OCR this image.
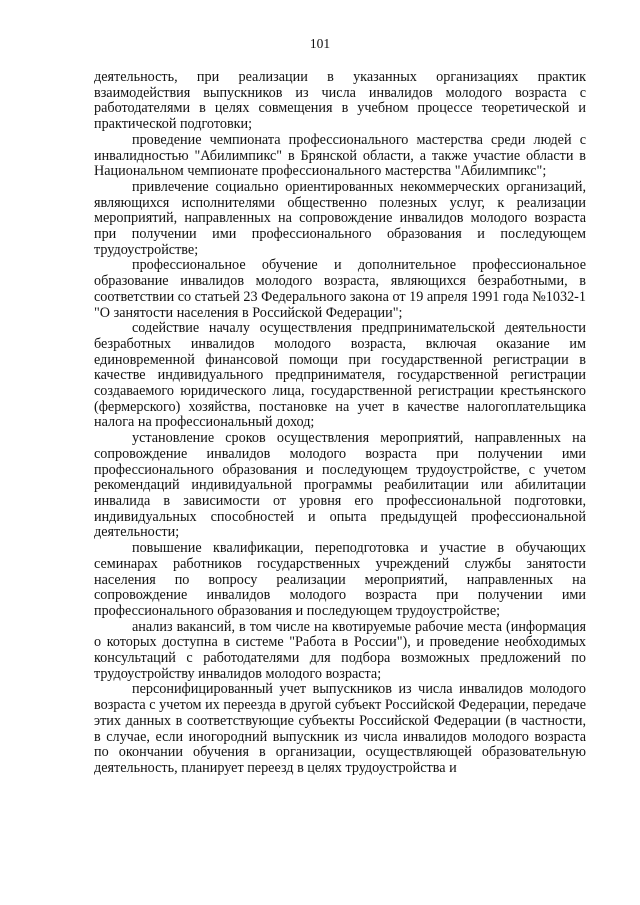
101

деятельность, при реализации в указанных организациях практик взаимодействия выпускников из числа инвалидов молодого возраста с работодателями в целях совмещения в учебном процессе теоретической и практической подготовки;

проведение чемпионата профессионального мастерства среди людей с инвалидностью "Абилимпикс" в Брянской области, а также участие области в Национальном чемпионате профессионального мастерства "Абилимпикс";

привлечение социально ориентированных некоммерческих организаций, являющихся исполнителями общественно полезных услуг, к реализации мероприятий, направленных на сопровождение инвалидов молодого возраста при получении ими профессионального образования и последующем трудоустройстве;

профессиональное обучение и дополнительное профессиональное образование инвалидов молодого возраста, являющихся безработными, в соответствии со статьей 23 Федерального закона от 19 апреля 1991 года №1032-1 "О занятости населения в Российской Федерации";

содействие началу осуществления предпринимательской деятельности безработных инвалидов молодого возраста, включая оказание им единовременной финансовой помощи при государственной регистрации в качестве индивидуального предпринимателя, государственной регистрации создаваемого юридического лица, государственной регистрации крестьянского (фермерского) хозяйства, постановке на учет в качестве налогоплательщика налога на профессиональный доход;

установление сроков осуществления мероприятий, направленных на сопровождение инвалидов молодого возраста при получении ими профессионального образования и последующем трудоустройстве, с учетом рекомендаций индивидуальной программы реабилитации или абилитации инвалида в зависимости от уровня его профессиональной подготовки, индивидуальных способностей и опыта предыдущей профессиональной деятельности;

повышение квалификации, переподготовка и участие в обучающих семинарах работников государственных учреждений службы занятости населения по вопросу реализации мероприятий, направленных на сопровождение инвалидов молодого возраста при получении ими профессионального образования и последующем трудоустройстве;

анализ вакансий, в том числе на квотируемые рабочие места (информация о которых доступна в системе "Работа в России"), и проведение необходимых консультаций с работодателями для подбора возможных предложений по трудоустройству инвалидов молодого возраста;

персонифицированный учет выпускников из числа инвалидов молодого возраста с учетом их переезда в другой субъект Российской Федерации, передаче этих данных в соответствующие субъекты Российской Федерации (в частности, в случае, если иногородний выпускник из числа инвалидов молодого возраста по окончании обучения в организации, осуществляющей образовательную деятельность, планирует переезд в целях трудоустройства и
